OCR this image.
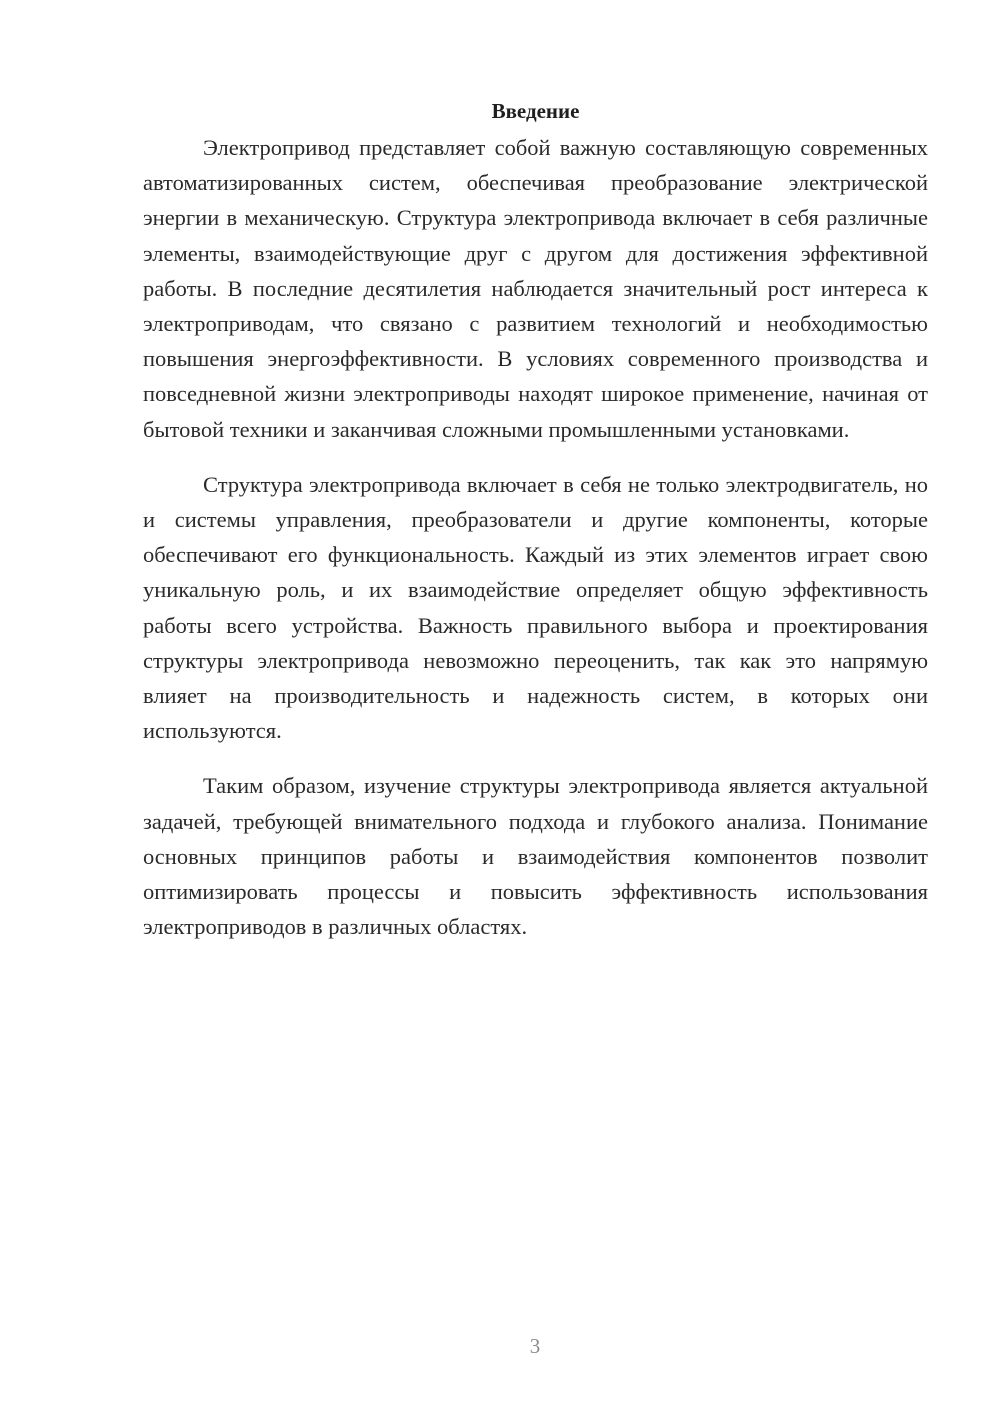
Введение

Электропривод представляет собой важную составляющую современных автоматизированных систем, обеспечивая преобразование электрической энергии в механическую. Структура электропривода включает в себя различные элементы, взаимодействующие друг с другом для достижения эффективной работы. В последние десятилетия наблюдается значительный рост интереса к электроприводам, что связано с развитием технологий и необходимостью повышения энергоэффективности. В условиях современного производства и повседневной жизни электроприводы находят широкое применение, начиная от бытовой техники и заканчивая сложными промышленными установками.

Структура электропривода включает в себя не только электродвигатель, но и системы управления, преобразователи и другие компоненты, которые обеспечивают его функциональность. Каждый из этих элементов играет свою уникальную роль, и их взаимодействие определяет общую эффективность работы всего устройства. Важность правильного выбора и проектирования структуры электропривода невозможно переоценить, так как это напрямую влияет на производительность и надежность систем, в которых они используются.

Таким образом, изучение структуры электропривода является актуальной задачей, требующей внимательного подхода и глубокого анализа. Понимание основных принципов работы и взаимодействия компонентов позволит оптимизировать процессы и повысить эффективность использования электроприводов в различных областях.

3
